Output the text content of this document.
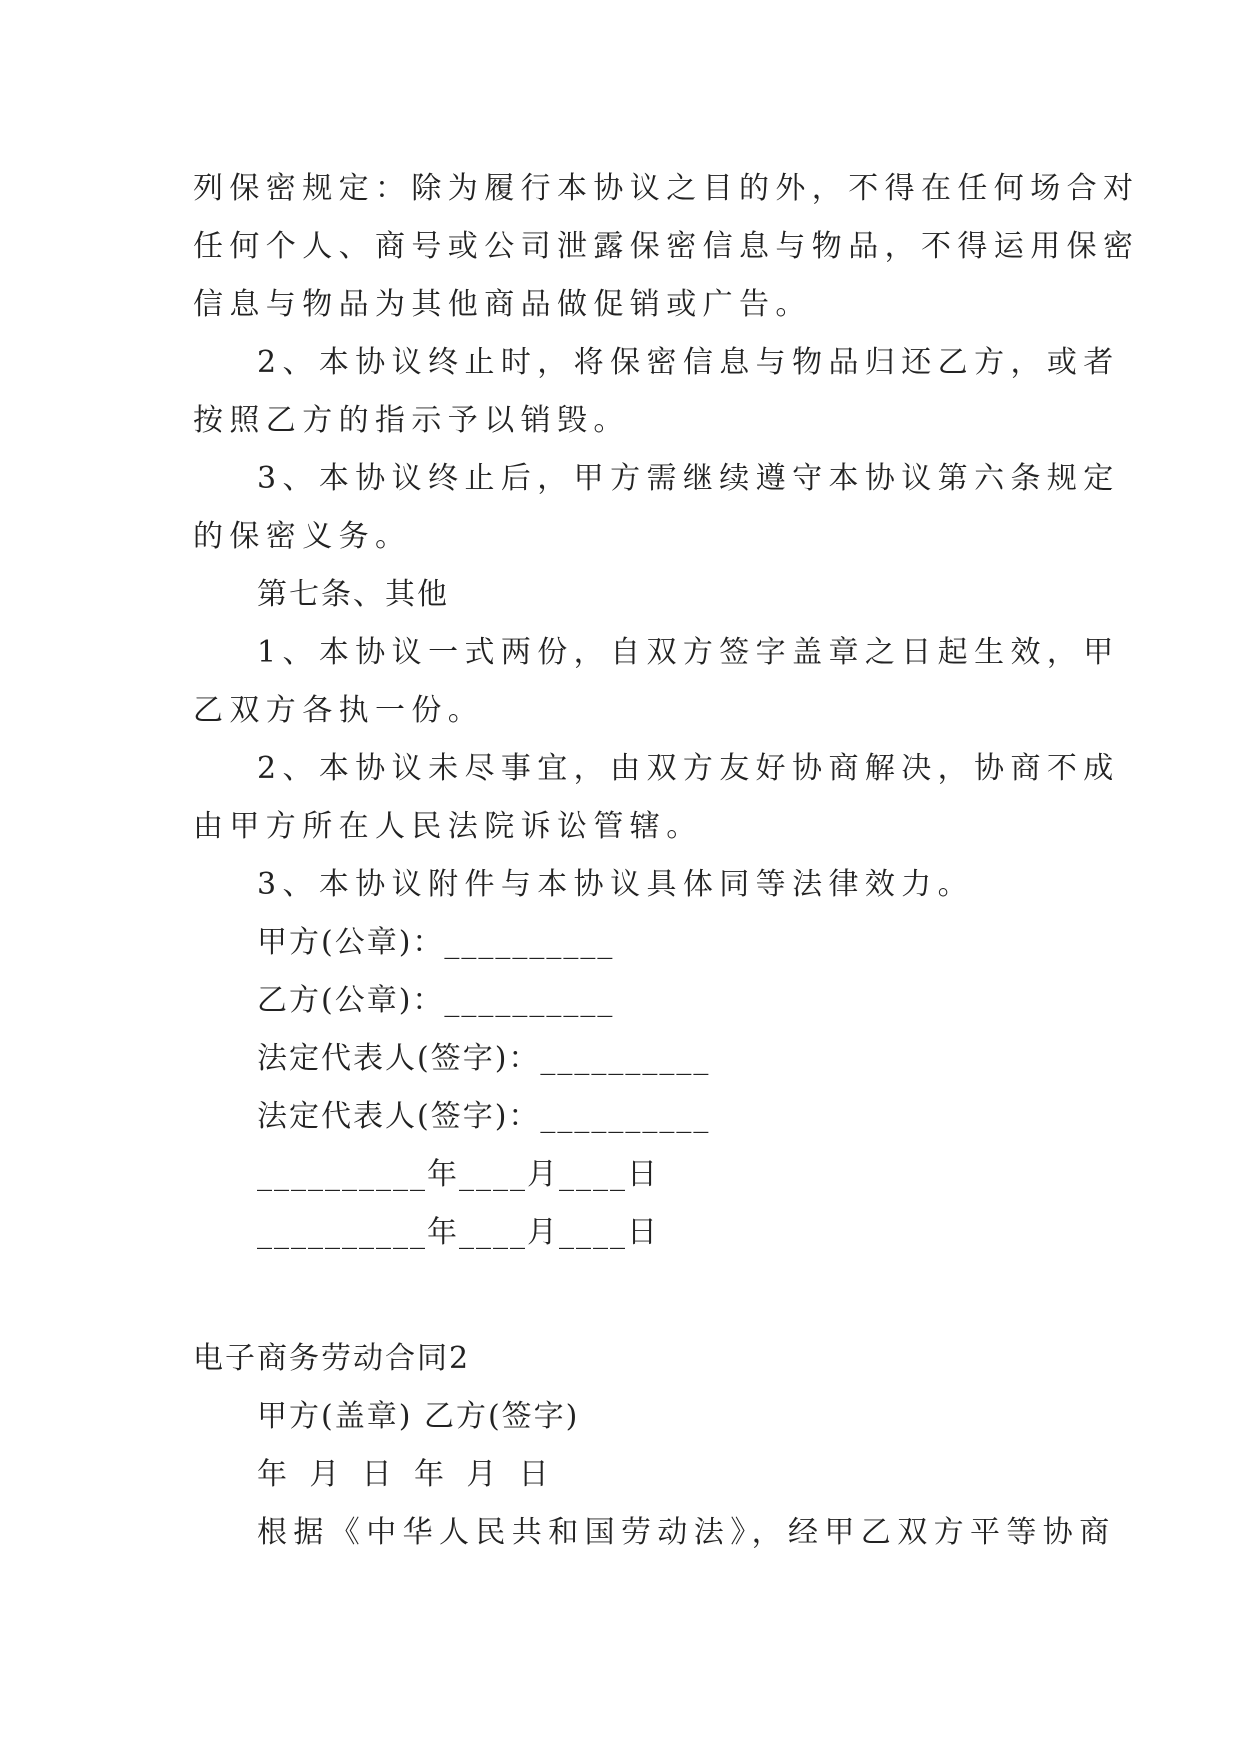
列保密规定：除为履行本协议之目的外，不得在任何场合对
任何个人、商号或公司泄露保密信息与物品，不得运用保密
信息与物品为其他商品做促销或广告。
2、本协议终止时，将保密信息与物品归还乙方，或者
按照乙方的指示予以销毁。
3、本协议终止后，甲方需继续遵守本协议第六条规定
的保密义务。
第七条、其他
1、本协议一式两份，自双方签字盖章之日起生效，甲
乙双方各执一份。
2、本协议未尽事宜，由双方友好协商解决，协商不成
由甲方所在人民法院诉讼管辖。
3、本协议附件与本协议具体同等法律效力。
甲方(公章)：__________
乙方(公章)：__________
法定代表人(签字)：__________
法定代表人(签字)：__________
__________年____月____日
__________年____月____日
电子商务劳动合同2
甲方(盖章) 乙方(签字)
年 月 日 年 月 日
根据《中华人民共和国劳动法》，经甲乙双方平等协商
